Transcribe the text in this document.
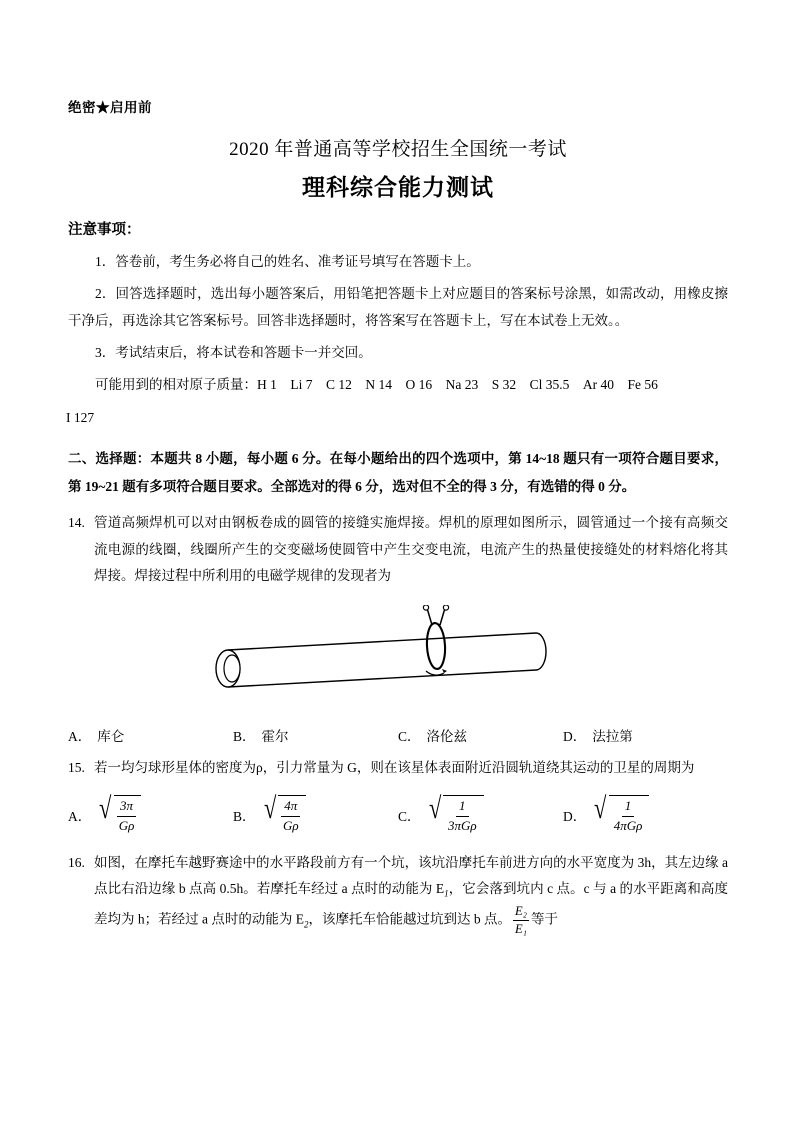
绝密★启用前
2020 年普通高等学校招生全国统一考试
理科综合能力测试
注意事项：
1．答卷前，考生务必将自己的姓名、准考证号填写在答题卡上。
2．回答选择题时，选出每小题答案后，用铅笔把答题卡上对应题目的答案标号涂黑，如需改动，用橡皮擦干净后，再选涂其它答案标号。回答非选择题时，将答案写在答题卡上，写在本试卷上无效。。
3．考试结束后，将本试卷和答题卡一并交回。
可能用到的相对原子质量：H 1　Li 7　C 12　N 14　O 16　Na 23　S 32　Cl 35.5　Ar 40　Fe 56
I 127
二、选择题：本题共 8 小题，每小题 6 分。在每小题给出的四个选项中，第 14~18 题只有一项符合题目要求，第 19~21 题有多项符合题目要求。全部选对的得 6 分，选对但不全的得 3 分，有选错的得 0 分。
14. 管道高频焊机可以对由钢板卷成的圆管的接缝实施焊接。焊机的原理如图所示，圆管通过一个接有高频交流电源的线圈，线圈所产生的交变磁场使圆管中产生交变电流，电流产生的热量使接缝处的材料熔化将其焊接。焊接过程中所利用的电磁学规律的发现者为
A． 库仑	B． 霍尔	C． 洛伦兹	D． 法拉第
15. 若一均匀球形星体的密度为ρ，引力常量为 G，则在该星体表面附近沿圆轨道绕其运动的卫星的周期为
A． √ $\frac{3\pi}{G\rho}$	B． √ $\frac{4\pi}{G\rho}$	C． √ $\frac{1}{\text{3πGρ}}$	D． √ $\frac{1}{\text{4πGρ}}$
16. 如图，在摩托车越野赛途中的水平路段前方有一个坑，该坑沿摩托车前进方向的水平宽度为 3h，其左边缘 a 点比右沿边缘 b 点高 0.5h。若摩托车经过 a 点时的动能为 $E_1$，它会落到坑内 c 点。c 与 a 的水平距离和高度差均为 h；若经过 a 点时的动能为 $E_2$，该摩托车恰能越过坑到达 b 点。 $\frac{\text{E₂}}{\text{E₁}}$ 等于
